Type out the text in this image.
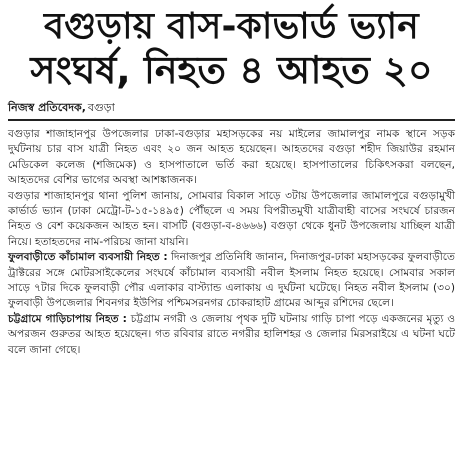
বগুড়ায় বাস-কাভার্ড ভ্যান
সংঘর্ষ, নিহত ৪ আহত ২০
নিজস্ব প্রতিবেদক, বগুড়া

বগুড়ার শাজাহানপুর উপজেলার ঢাকা-বগুড়ার মহাসড়কের নয় মাইলের জামালপুর নামক স্থানে সড়ক দুর্ঘটনায় চার বাস যাত্রী নিহত এবং ২০ জন আহত হয়েছেন। আহতদের বগুড়া শহীদ জিয়াউর রহমান মেডিকেল কলেজ (শজিমেক) ও হাসপাতালে ভর্তি করা হয়েছে। হাসপাতালের চিকিৎসকরা বলছেন, আহতদের বেশির ভাগের অবস্থা আশঙ্কাজনক।

বগুড়ার শাজাহানপুর থানা পুলিশ জানায়, সোমবার বিকাল সাড়ে ৩টায় উপজেলার জামালপুরে বগুড়ামুখী কার্ভার্ড ভ্যান (ঢাকা মেট্রো-ট-১৫-১৪৯৫) পৌঁছলে এ সময় বিপরীতমুখী যাত্রীবাহী বাসের সংঘর্ষে চারজন নিহত ও বেশ কয়েকজন আহত হন। বাসটি (বগুড়া-ব-৪৬৬৬) বগুড়া থেকে ধুনট উপজেলায় যাচ্ছিল যাত্রী নিয়ে। হতাহতদের নাম-পরিচয় জানা যায়নি।

ফুলবাড়ীতে কাঁচামাল ব্যবসায়ী নিহত : দিনাজপুর প্রতিনিধি জানান, দিনাজপুর-ঢাকা মহাসড়কের ফুলবাড়ীতে ট্রাক্টরের সঙ্গে মোটরসাইকেলের সংঘর্ষে কাঁচামাল ব্যবসায়ী নবীল ইসলাম নিহত হয়েছে। সোমবার সকাল সাড়ে ৭টার দিকে ফুলবাড়ী পৌর এলাকার বাস্ট্যান্ড এলাকায় এ দুর্ঘটনা ঘটেছে। নিহত নবীল ইসলাম (৩০) ফুলবাড়ী উপজেলার শিবনগর ইউপির পশ্চিমসরনগর চোকরাহাট গ্রামের আব্দুর রশিদের ছেলে।

চট্টগ্রামে গাড়িচাপায় নিহত : চট্টগ্রাম নগরী ও জেলায় পৃথক দুটি ঘটনায় গাড়ি চাপা পড়ে একজনের মৃত্যু ও অপরজন গুরুতর আহত হয়েছেন। গত রবিবার রাতে নগরীর হালিশহর ও জেলার মিরসরাইয়ে এ ঘটনা ঘটে বলে জানা গেছে।
